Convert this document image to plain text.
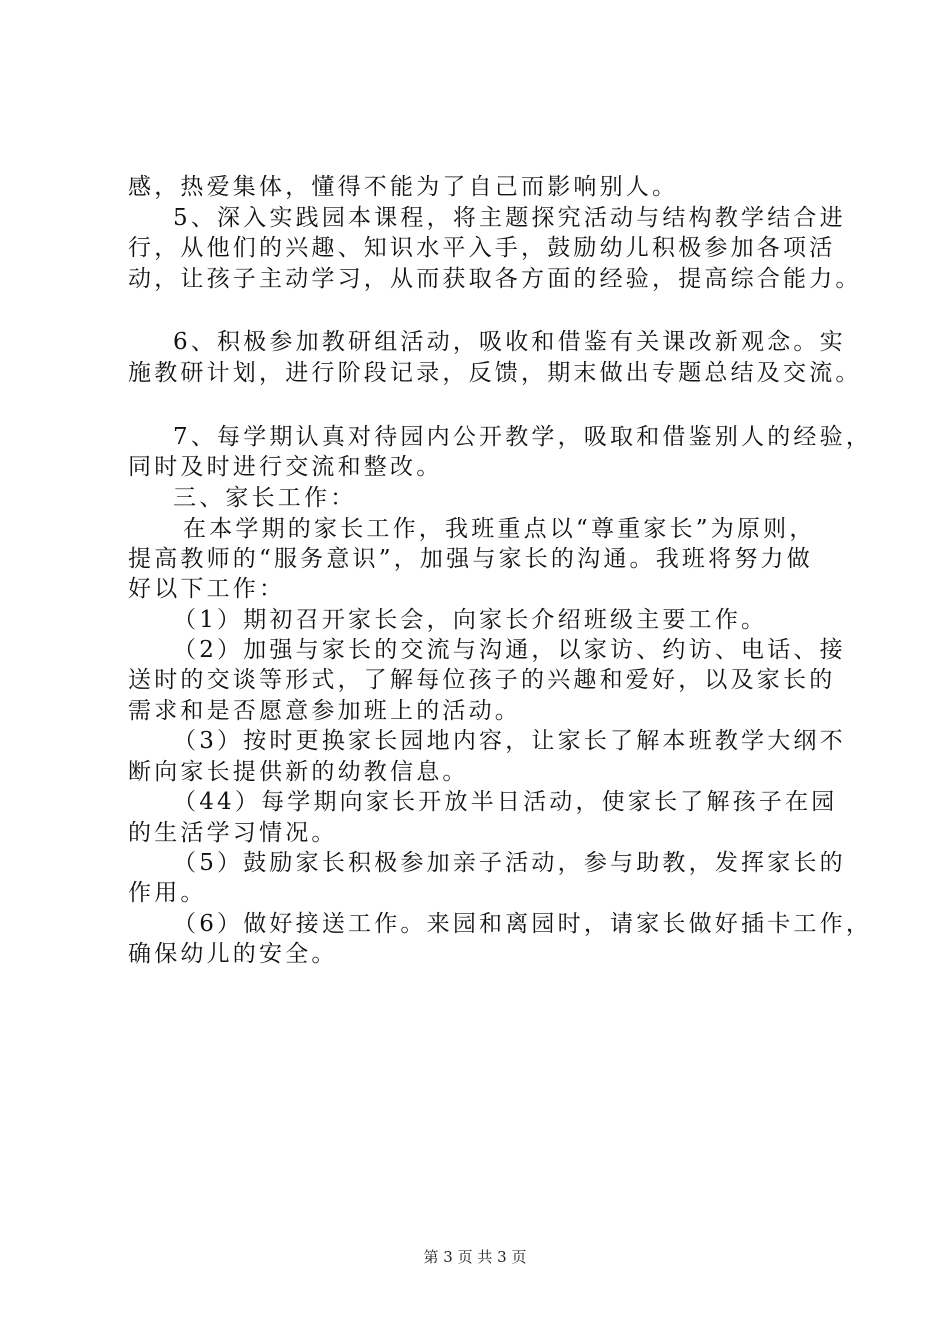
感，热爱集体，懂得不能为了自己而影响别人。
5、深入实践园本课程，将主题探究活动与结构教学结合进
行，从他们的兴趣、知识水平入手，鼓励幼儿积极参加各项活
动，让孩子主动学习，从而获取各方面的经验，提高综合能力。
6、积极参加教研组活动，吸收和借鉴有关课改新观念。实
施教研计划，进行阶段记录，反馈，期末做出专题总结及交流。
7、每学期认真对待园内公开教学，吸取和借鉴别人的经验，
同时及时进行交流和整改。
三、家长工作：
在本学期的家长工作，我班重点以“尊重家长”为原则，
提高教师的“服务意识”，加强与家长的沟通。我班将努力做
好以下工作：
（1）期初召开家长会，向家长介绍班级主要工作。
（2）加强与家长的交流与沟通，以家访、约访、电话、接
送时的交谈等形式，了解每位孩子的兴趣和爱好，以及家长的
需求和是否愿意参加班上的活动。
（3）按时更换家长园地内容，让家长了解本班教学大纲不
断向家长提供新的幼教信息。
（44）每学期向家长开放半日活动，使家长了解孩子在园
的生活学习情况。
（5）鼓励家长积极参加亲子活动，参与助教，发挥家长的
作用。
（6）做好接送工作。来园和离园时，请家长做好插卡工作，
确保幼儿的安全。
第 3 页 共 3 页
